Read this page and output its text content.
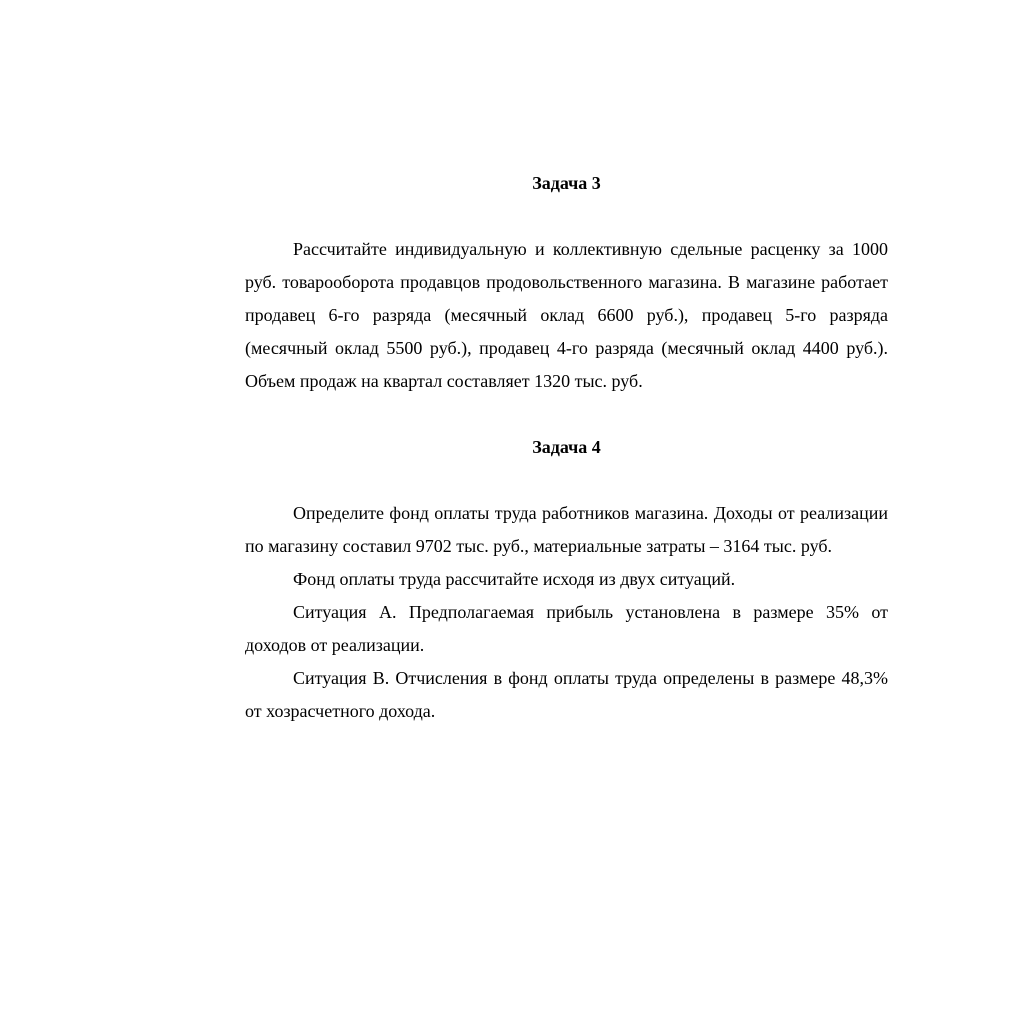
Задача 3

Рассчитайте индивидуальную и коллективную сдельные расценку за 1000 руб. товарооборота продавцов продовольственного магазина. В магазине работает продавец 6-го разряда (месячный оклад 6600 руб.), продавец 5-го разряда (месячный оклад 5500 руб.), продавец 4-го разряда (месячный оклад 4400 руб.). Объем продаж на квартал составляет 1320 тыс. руб.

Задача 4

Определите фонд оплаты труда работников магазина. Доходы от реализации по магазину составил 9702 тыс. руб., материальные затраты – 3164 тыс. руб.

Фонд оплаты труда рассчитайте исходя из двух ситуаций.

Ситуация А. Предполагаемая прибыль установлена в размере 35% от доходов от реализации.

Ситуация В. Отчисления в фонд оплаты труда определены в размере 48,3% от хозрасчетного дохода.
